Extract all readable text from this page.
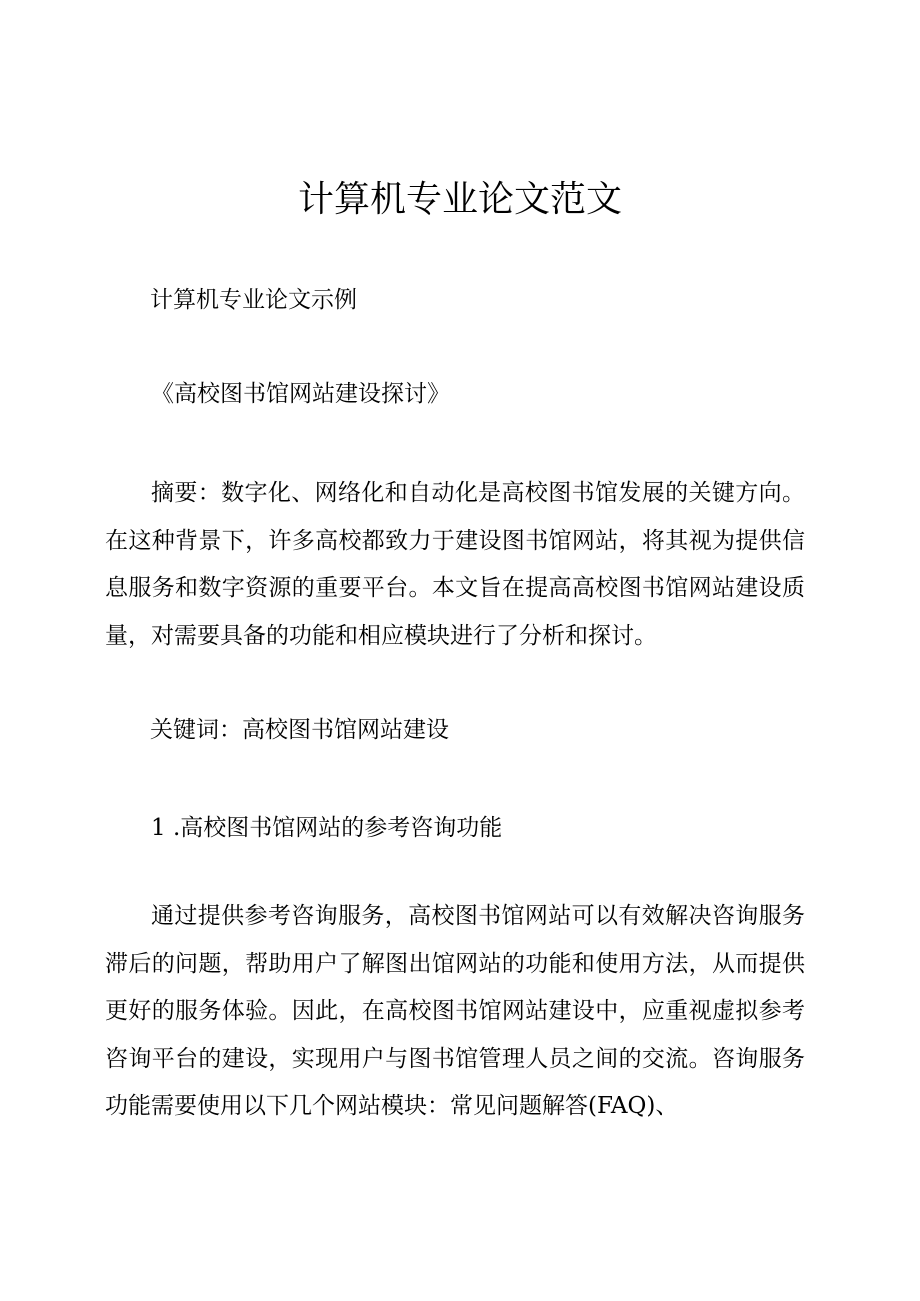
计算机专业论文范文

计算机专业论文示例

《高校图书馆网站建设探讨》

摘要：数字化、网络化和自动化是高校图书馆发展的关键方向。在这种背景下，许多高校都致力于建设图书馆网站，将其视为提供信息服务和数字资源的重要平台。本文旨在提高高校图书馆网站建设质量，对需要具备的功能和相应模块进行了分析和探讨。

关键词：高校图书馆网站建设

1 .高校图书馆网站的参考咨询功能

通过提供参考咨询服务，高校图书馆网站可以有效解决咨询服务滞后的问题，帮助用户了解图出馆网站的功能和使用方法，从而提供更好的服务体验。因此，在高校图书馆网站建设中，应重视虚拟参考咨询平台的建设，实现用户与图书馆管理人员之间的交流。咨询服务功能需要使用以下几个网站模块：常见问题解答(FAQ)、
